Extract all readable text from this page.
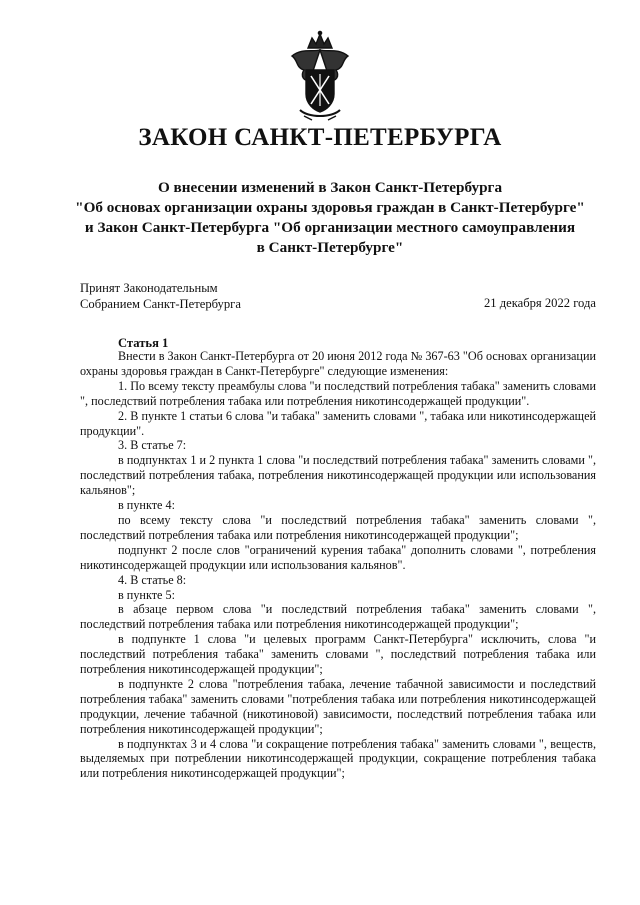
ЗАКОН САНКТ-ПЕТЕРБУРГА
О внесении изменений в Закон Санкт-Петербурга
"Об основах организации охраны здоровья граждан в Санкт-Петербурге"
и Закон Санкт-Петербурга "Об организации местного самоуправления
в Санкт-Петербурге"
Принят Законодательным
Собранием Санкт-Петербурга	21 декабря 2022 года
Статья 1

Внести в Закон Санкт-Петербурга от 20 июня 2012 года № 367-63 "Об основах организации охраны здоровья граждан в Санкт-Петербурге" следующие изменения:

1. По всему тексту преамбулы слова "и последствий потребления табака" заменить словами ", последствий потребления табака или потребления никотинсодержащей продукции".

2. В пункте 1 статьи 6 слова "и табака" заменить словами ", табака или никотинсодержащей продукции".

3. В статье 7:

в подпунктах 1 и 2 пункта 1 слова "и последствий потребления табака" заменить словами ", последствий потребления табака, потребления никотинсодержащей продукции или использования кальянов";

в пункте 4:

по всему тексту слова "и последствий потребления табака" заменить словами ", последствий потребления табака или потребления никотинсодержащей продукции";

подпункт 2 после слов "ограничений курения табака" дополнить словами ", потребления никотинсодержащей продукции или использования кальянов".

4. В статье 8:

в пункте 5:

в абзаце первом слова "и последствий потребления табака" заменить словами ", последствий потребления табака или потребления никотинсодержащей продукции";

в подпункте 1 слова "и целевых программ Санкт-Петербурга" исключить, слова "и последствий потребления табака" заменить словами ", последствий потребления табака или потребления никотинсодержащей продукции";

в подпункте 2 слова "потребления табака, лечение табачной зависимости и последствий потребления табака" заменить словами "потребления табака или потребления никотинсодержащей продукции, лечение табачной (никотиновой) зависимости, последствий потребления табака или потребления никотинсодержащей продукции";

в подпунктах 3 и 4 слова "и сокращение потребления табака" заменить словами ", веществ, выделяемых при потреблении никотинсодержащей продукции, сокращение потребления табака или потребления никотинсодержащей продукции";
